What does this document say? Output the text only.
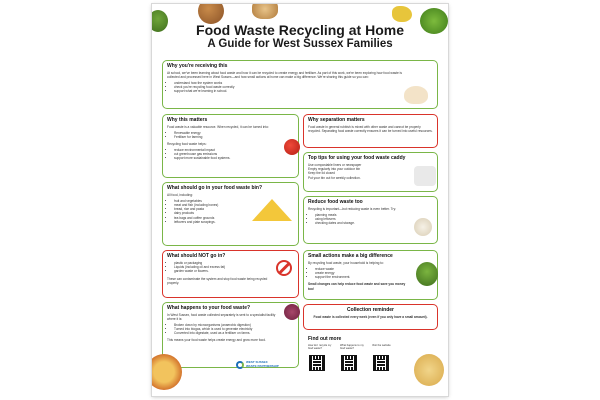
Food Waste Recycling at Home
A Guide for West Sussex Families
Why you're receiving this

At school, we've been learning about food waste and how it can be recycled to create energy and fertiliser. As part of this work, we're been exploring how food waste is collected and processed here in West Sussex—and how small actions at home can make a big difference. We're sharing this guide so you can:

• understand how the system works
• check you're recycling food waste correctly
• support what we're learning in school.
Why this matters

Food waste is a valuable resource. When recycled, it can be turned into:

• Renewable energy
• Fertiliser for farming

Recycling food waste helps:

• reduce environmental impact
• cut greenhouse gas emissions
• support more sustainable food systems.
Why separation matters
Food waste in general rubbish is mixed with other waste and cannot be properly recycled. Separating food waste correctly ensures it can be turned into useful resources.
Top tips for using your food waste caddy
Use compostable liners or newspaper
Empty regularly into your outdoor bin
Keep the lid closed
Put your bin out for weekly collection.
What should go in your food waste bin?

All food, including:

• fruit and vegetables
• meat and fish (including bones)
• bread, rice and pasta
• dairy products
• tea bags and coffee grounds
• leftovers and plate scrapings.
Reduce food waste too

Recycling is important—but reducing waste is even better. Try:

• planning meals
• using leftovers
• checking dates and storage.
What should NOT go in?
• plastic or packaging
• Liquids (including oil and excess fat)
• garden waste or flowers.

These can contaminate the system and stop food waste being recycled properly.

Small actions make a big difference

By recycling food waste, your household is helping to:

• reduce waste
• create energy
• support the environment.

Small changes can help reduce food waste and save you money too!

What happens to your food waste?

In West Sussex, food waste collected separately is sent to a specialist facility where it is:

• Broken down by microorganisms (anaerobic digestion)
• Turned into biogas, which is used to generate electricity
• Converted into digestate, used as a fertiliser on farms.

This means your food waste helps create energy and grow more food.

Collection reminder
Food waste is collected every week (even if you only have a small amount).
Find out more
How do I recycle my food waste?
What happens to my food waste?
Visit the website
WEST SUSSEX
WASTE PARTNERSHIP
